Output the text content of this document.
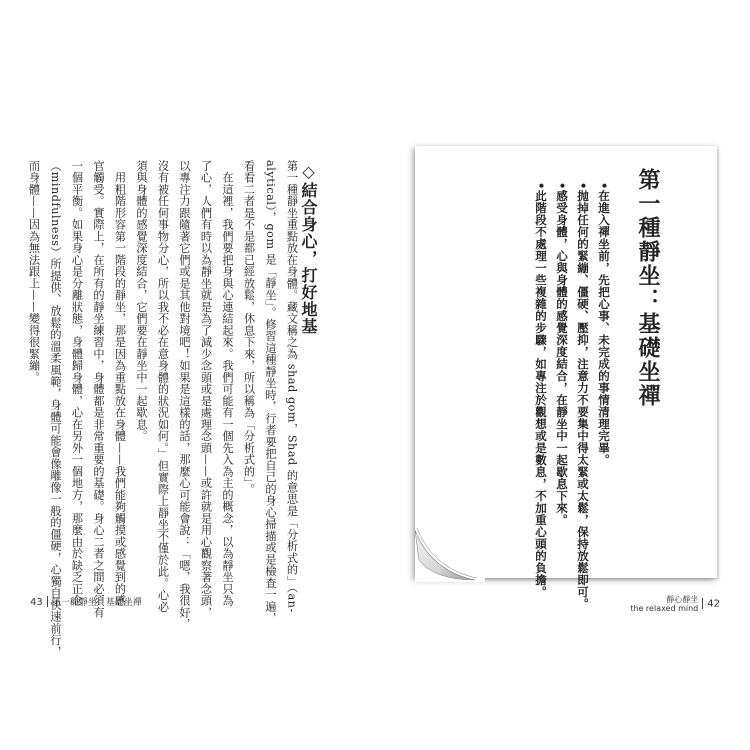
◇結合身心，打好地基
第一種靜坐重點放在身體。藏文稱之為 shad gom，Shad 的意思是「分析式的」（an-
alytical），gom 是「靜坐」。修習這種靜坐時，行者要把自己的身心掃描或是檢查一遍，
看看二者是不是都已經放鬆，休息下來，所以稱為「分析式的」。
　在這裡，我們要把身與心連結起來。我們可能有一個先入為主的概念，以為靜坐只為
了心，人們有時以為靜坐就是為了減少念頭或是處理念頭——或許就是用心觀察著念頭，
以專注力跟隨著它們或是其他對境吧！如果是這樣的話，那麼心可能會說：「嗯，我很好，
沒有被任何事物分心，所以我不必在意身體的狀況如何。」但實際上靜坐不僅於此。心必
須與身體的感覺深度結合，它們要在靜坐中一起歇息。
　用粗階形容第一階段的靜坐，那是因為重點放在身體——我們能夠觸摸或感覺到的感
官觸受。實際上，在所有的靜坐練習中，身體都是非常重要的基礎。身心二者之間必須有
一個平衡。如果身心是分離狀態，身體歸身體，心在另外一個地方，那麼由於缺乏正念
（mindfulness）所提供、放鬆的溫柔風範，身體可能會像雕像一般的僵硬，心獨自快速前行，
而身體——因為無法跟上——變得很緊繃。
43 第一種靜坐：基礎坐禪
第一種靜坐：基礎坐禪
•在進入禪坐前，先把心事、未完成的事情清理完畢。
•抛掉任何的緊繃、僵硬、壓抑，注意力不要集中得太緊或太鬆，保持放鬆即可。
•感受身體，心與身體的感覺深度結合，在靜坐中一起歇息下來。
•此階段不處理一些複雜的步驟，如專注於觀想或是數息，不加重心頭的負擔。
靜心靜坐
the relaxed mind 42
